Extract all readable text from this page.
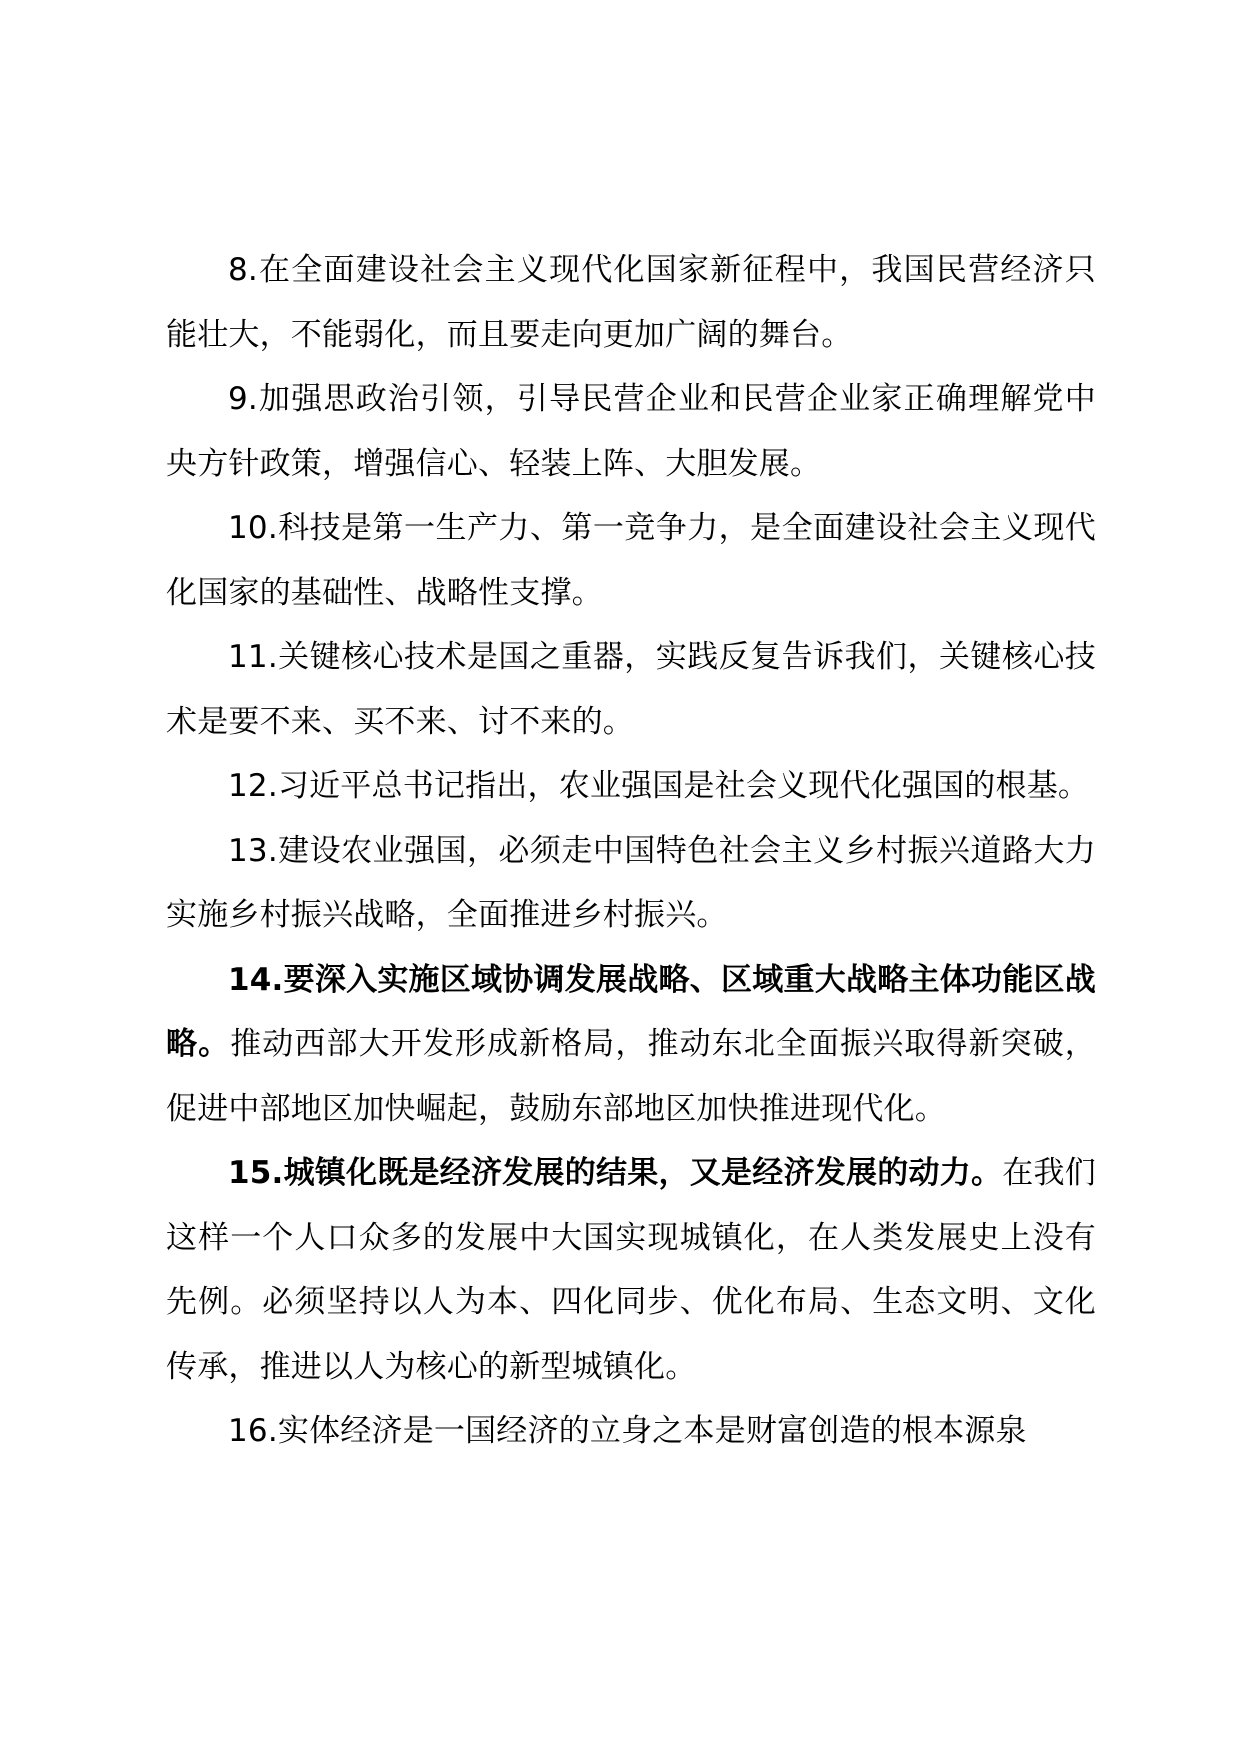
8.在全面建设社会主义现代化国家新征程中，我国民营经济只能壮大，不能弱化，而且要走向更加广阔的舞台。

9.加强思政治引领，引导民营企业和民营企业家正确理解党中央方针政策，增强信心、轻装上阵、大胆发展。

10.科技是第一生产力、第一竞争力，是全面建设社会主义现代化国家的基础性、战略性支撑。

11.关键核心技术是国之重器，实践反复告诉我们，关键核心技术是要不来、买不来、讨不来的。

12.习近平总书记指出，农业强国是社会义现代化强国的根基。

13.建设农业强国，必须走中国特色社会主义乡村振兴道路大力实施乡村振兴战略，全面推进乡村振兴。

14.要深入实施区域协调发展战略、区域重大战略主体功能区战略。推动西部大开发形成新格局，推动东北全面振兴取得新突破，促进中部地区加快崛起，鼓励东部地区加快推进现代化。

15.城镇化既是经济发展的结果，又是经济发展的动力。在我们这样一个人口众多的发展中大国实现城镇化，在人类发展史上没有先例。必须坚持以人为本、四化同步、优化布局、生态文明、文化传承，推进以人为核心的新型城镇化。

16.实体经济是一国经济的立身之本是财富创造的根本源泉
